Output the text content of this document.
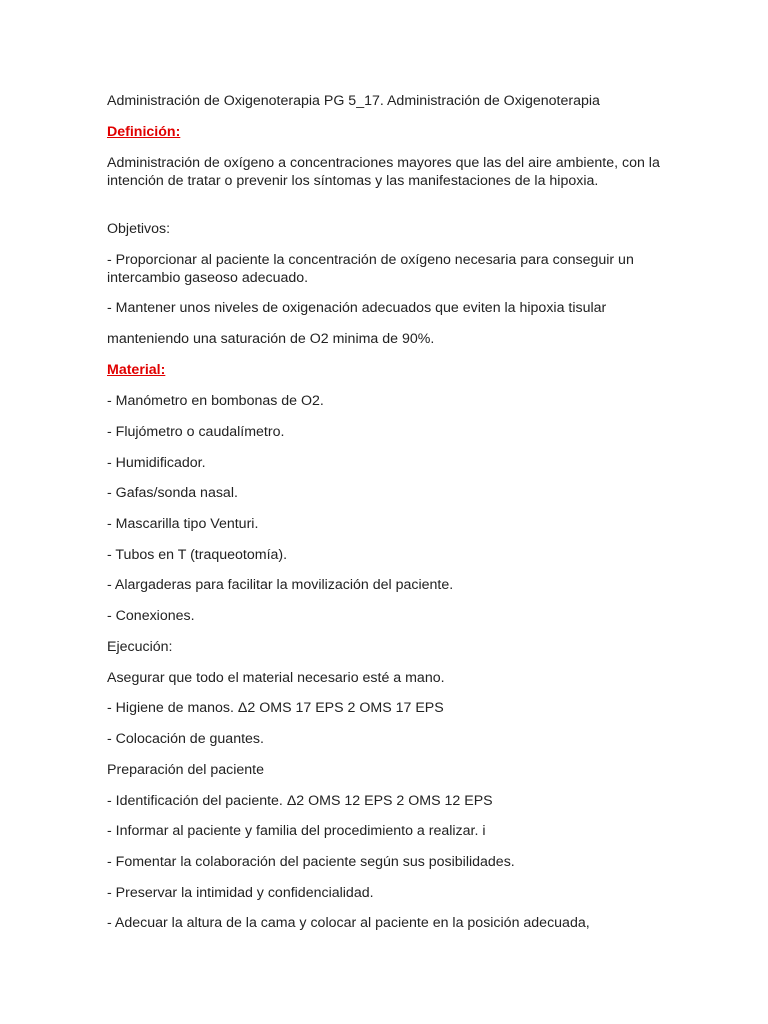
Administración de Oxigenoterapia PG 5_17. Administración de Oxigenoterapia

Definición:

Administración de oxígeno a concentraciones mayores que las del aire ambiente, con la intención de tratar o prevenir los síntomas y las manifestaciones de la hipoxia.

Objetivos:

- Proporcionar al paciente la concentración de oxígeno necesaria para conseguir un intercambio gaseoso adecuado.

- Mantener unos niveles de oxigenación adecuados que eviten la hipoxia tisular

manteniendo una saturación de O2 minima de 90%.

Material:

- Manómetro en bombonas de O2.

- Flujómetro o caudalímetro.

- Humidificador.

- Gafas/sonda nasal.

- Mascarilla tipo Venturi.

- Tubos en T (traqueotomía).

- Alargaderas para facilitar la movilización del paciente.

- Conexiones.

Ejecución:

Asegurar que todo el material necesario esté a mano.

- Higiene de manos. Δ2 OMS 17 EPS 2 OMS 17 EPS

- Colocación de guantes.

Preparación del paciente

- Identificación del paciente. Δ2 OMS 12 EPS 2 OMS 12 EPS

- Informar al paciente y familia del procedimiento a realizar. i

- Fomentar la colaboración del paciente según sus posibilidades.

- Preservar la intimidad y confidencialidad.

- Adecuar la altura de la cama y colocar al paciente en la posición adecuada,
